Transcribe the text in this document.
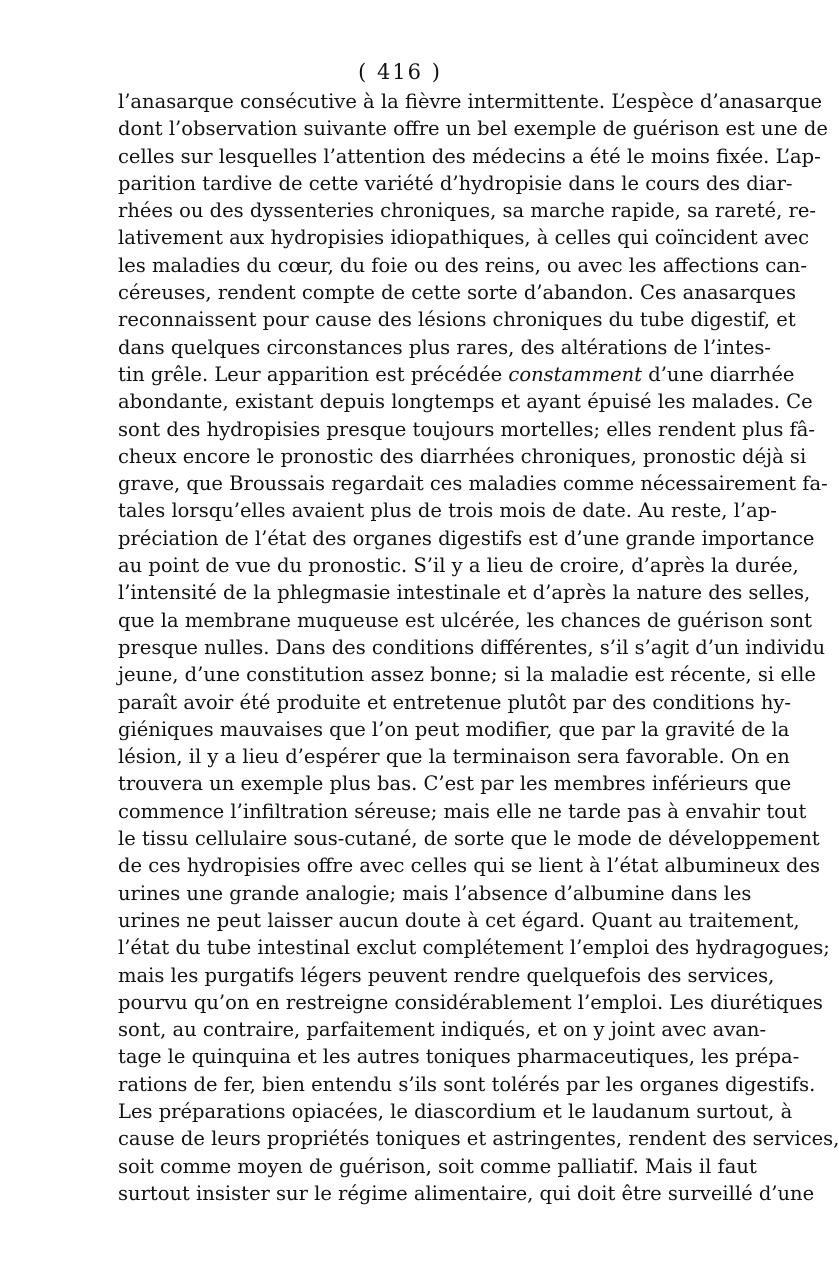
( 416 )
l’anasarque consécutive à la fièvre intermittente. L’espèce d’anasarque
dont l’observation suivante offre un bel exemple de guérison est une de
celles sur lesquelles l’attention des médecins a été le moins fixée. L’ap-
parition tardive de cette variété d’hydropisie dans le cours des diar-
rhées ou des dyssenteries chroniques, sa marche rapide, sa rareté, re-
lativement aux hydropisies idiopathiques, à celles qui coïncident avec
les maladies du cœur, du foie ou des reins, ou avec les affections can-
céreuses, rendent compte de cette sorte d’abandon. Ces anasarques
reconnaissent pour cause des lésions chroniques du tube digestif, et
dans quelques circonstances plus rares, des altérations de l’intes-
tin grêle. Leur apparition est précédée constamment d’une diarrhée
abondante, existant depuis longtemps et ayant épuisé les malades. Ce
sont des hydropisies presque toujours mortelles; elles rendent plus fâ-
cheux encore le pronostic des diarrhées chroniques, pronostic déjà si
grave, que Broussais regardait ces maladies comme nécessairement fa-
tales lorsqu’elles avaient plus de trois mois de date. Au reste, l’ap-
préciation de l’état des organes digestifs est d’une grande importance
au point de vue du pronostic. S’il y a lieu de croire, d’après la durée,
l’intensité de la phlegmasie intestinale et d’après la nature des selles,
que la membrane muqueuse est ulcérée, les chances de guérison sont
presque nulles. Dans des conditions différentes, s’il s’agit d’un individu
jeune, d’une constitution assez bonne; si la maladie est récente, si elle
paraît avoir été produite et entretenue plutôt par des conditions hy-
giéniques mauvaises que l’on peut modifier, que par la gravité de la
lésion, il y a lieu d’espérer que la terminaison sera favorable. On en
trouvera un exemple plus bas. C’est par les membres inférieurs que
commence l’infiltration séreuse; mais elle ne tarde pas à envahir tout
le tissu cellulaire sous-cutané, de sorte que le mode de développement
de ces hydropisies offre avec celles qui se lient à l’état albumineux des
urines une grande analogie; mais l’absence d’albumine dans les
urines ne peut laisser aucun doute à cet égard. Quant au traitement,
l’état du tube intestinal exclut complétement l’emploi des hydragogues;
mais les purgatifs légers peuvent rendre quelquefois des services,
pourvu qu’on en restreigne considérablement l’emploi. Les diurétiques
sont, au contraire, parfaitement indiqués, et on y joint avec avan-
tage le quinquina et les autres toniques pharmaceutiques, les prépa-
rations de fer, bien entendu s’ils sont tolérés par les organes digestifs.
Les préparations opiacées, le diascordium et le laudanum surtout, à
cause de leurs propriétés toniques et astringentes, rendent des services,
soit comme moyen de guérison, soit comme palliatif. Mais il faut
surtout insister sur le régime alimentaire, qui doit être surveillé d’une
